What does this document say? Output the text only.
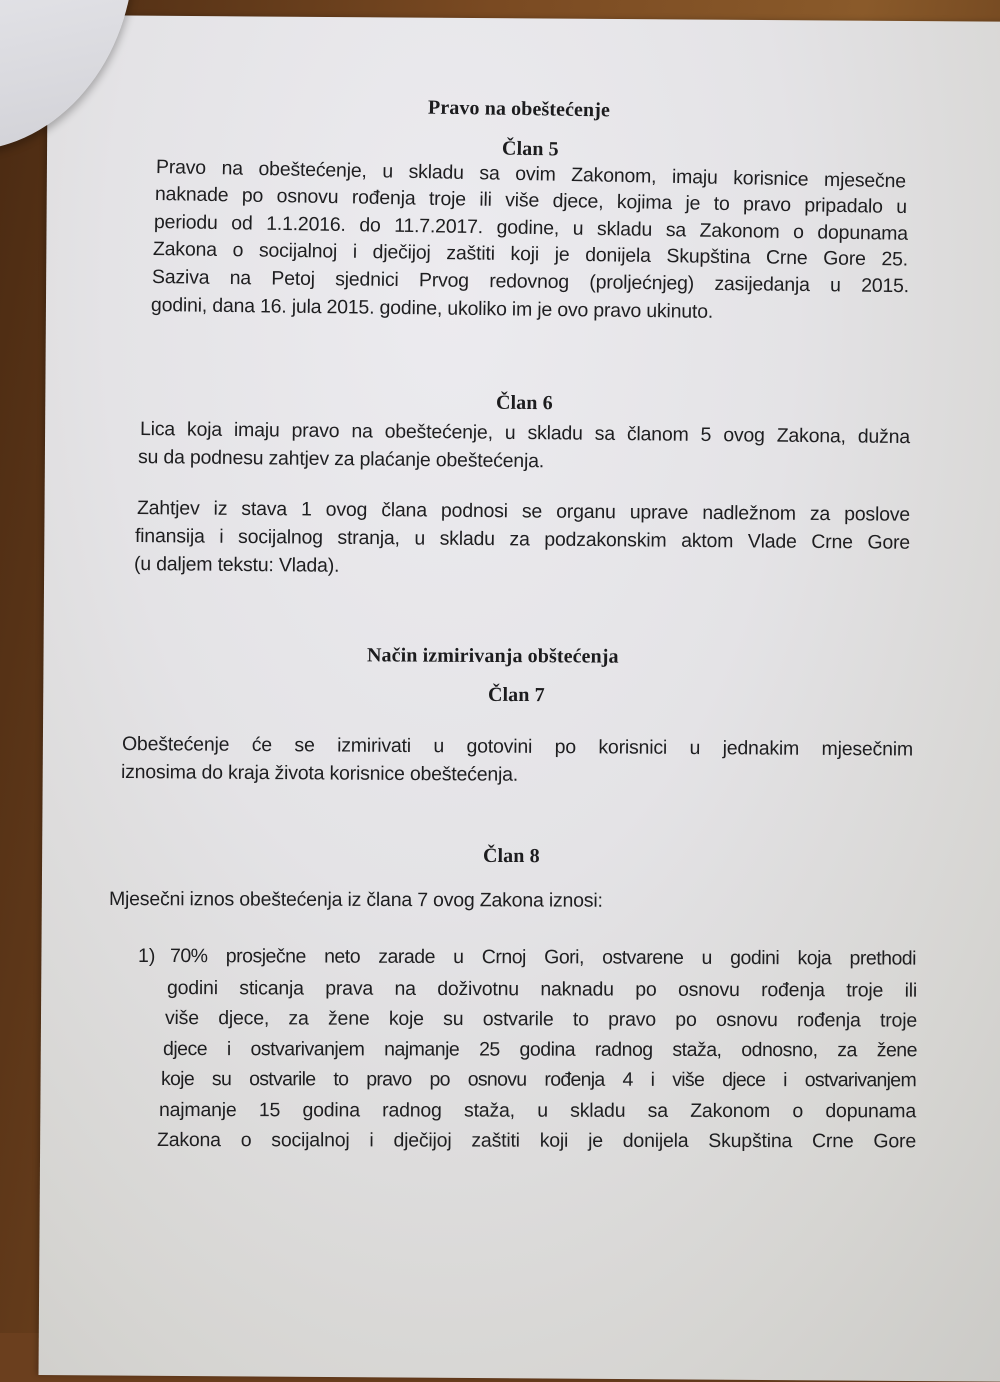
Pravo na obeštećenje
Član 5
Pravo na obeštećenje, u skladu sa ovim Zakonom, imaju korisnice mjesečne
naknade po osnovu rođenja troje ili više djece, kojima je to pravo pripadalo u
periodu od 1.1.2016. do 11.7.2017. godine, u skladu sa Zakonom o dopunama
Zakona o socijalnoj i dječijoj zaštiti koji je donijela Skupština Crne Gore 25.
Saziva na Petoj sjednici Prvog redovnog (proljećnjeg) zasijedanja u 2015.
godini, dana 16. jula 2015. godine, ukoliko im je ovo pravo ukinuto.
Član 6
Lica koja imaju pravo na obeštećenje, u skladu sa članom 5 ovog Zakona, dužna
su da podnesu zahtjev za plaćanje obeštećenja.
Zahtjev iz stava 1 ovog člana podnosi se organu uprave nadležnom za poslove
finansija i socijalnog stranja, u skladu za podzakonskim aktom Vlade Crne Gore
(u daljem tekstu: Vlada).
Način izmirivanja obštećenja
Član 7
Obeštećenje će se izmirivati u gotovini po korisnici u jednakim mjesečnim
iznosima do kraja života korisnice obeštećenja.
Član 8
Mjesečni iznos obeštećenja iz člana 7 ovog Zakona iznosi:
1) 70% prosječne neto zarade u Crnoj Gori, ostvarene u godini koja prethodi
godini sticanja prava na doživotnu naknadu po osnovu rođenja troje ili
više djece, za žene koje su ostvarile to pravo po osnovu rođenja troje
djece i ostvarivanjem najmanje 25 godina radnog staža, odnosno, za žene
koje su ostvarile to pravo po osnovu rođenja 4 i više djece i ostvarivanjem
najmanje 15 godina radnog staža, u skladu sa Zakonom o dopunama
Zakona o socijalnoj i dječijoj zaštiti koji je donijela Skupština Crne Gore
